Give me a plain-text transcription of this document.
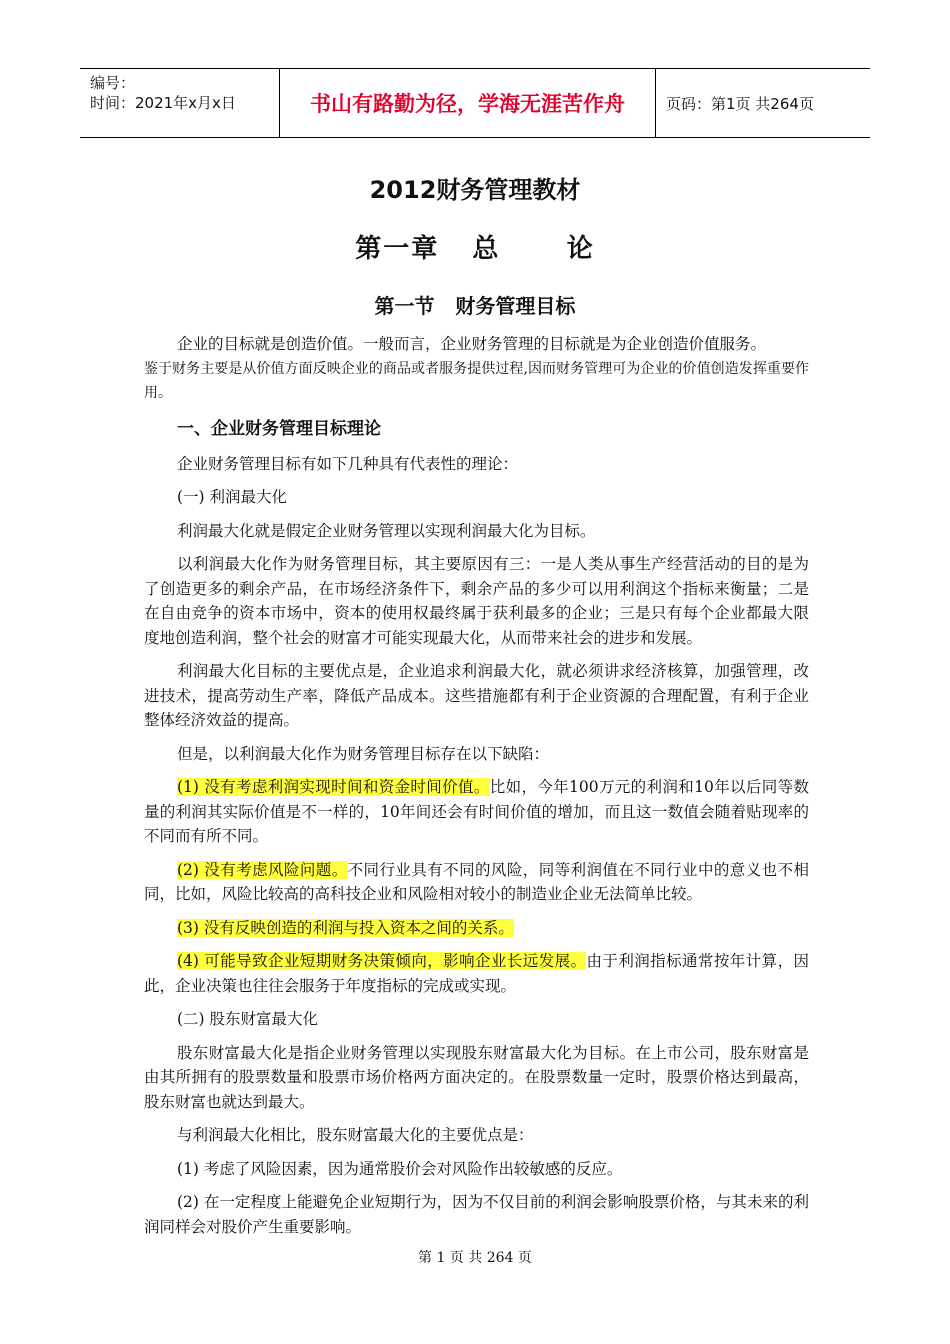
编号：
时间：2021年x月x日	书山有路勤为径，学海无涯苦作舟	页码：第1页 共264页
2012财务管理教材
第一章   总      论
第一节   财务管理目标

企业的目标就是创造价值。一般而言，企业财务管理的目标就是为企业创造价值服务。

鉴于财务主要是从价值方面反映企业的商品或者服务提供过程,因而财务管理可为企业的价值创造发挥重要作用。

一、企业财务管理目标理论

企业财务管理目标有如下几种具有代表性的理论：

(一) 利润最大化

利润最大化就是假定企业财务管理以实现利润最大化为目标。

以利润最大化作为财务管理目标，其主要原因有三：一是人类从事生产经营活动的目的是为了创造更多的剩余产品，在市场经济条件下，剩余产品的多少可以用利润这个指标来衡量；二是在自由竞争的资本市场中，资本的使用权最终属于获利最多的企业；三是只有每个企业都最大限度地创造利润，整个社会的财富才可能实现最大化，从而带来社会的进步和发展。

利润最大化目标的主要优点是，企业追求利润最大化，就必须讲求经济核算，加强管理，改进技术，提高劳动生产率，降低产品成本。这些措施都有利于企业资源的合理配置，有利于企业整体经济效益的提高。

但是，以利润最大化作为财务管理目标存在以下缺陷：

(1) 没有考虑利润实现时间和资金时间价值。比如，今年100万元的利润和10年以后同等数量的利润其实际价值是不一样的，10年间还会有时间价值的增加，而且这一数值会随着贴现率的不同而有所不同。

(2) 没有考虑风险问题。不同行业具有不同的风险，同等利润值在不同行业中的意义也不相同，比如，风险比较高的高科技企业和风险相对较小的制造业企业无法简单比较。

(3) 没有反映创造的利润与投入资本之间的关系。

(4) 可能导致企业短期财务决策倾向，影响企业长远发展。由于利润指标通常按年计算，因此，企业决策也往往会服务于年度指标的完成或实现。

(二) 股东财富最大化

股东财富最大化是指企业财务管理以实现股东财富最大化为目标。在上市公司，股东财富是由其所拥有的股票数量和股票市场价格两方面决定的。在股票数量一定时，股票价格达到最高，股东财富也就达到最大。

与利润最大化相比，股东财富最大化的主要优点是：

(1) 考虑了风险因素，因为通常股价会对风险作出较敏感的反应。

(2) 在一定程度上能避免企业短期行为，因为不仅目前的利润会影响股票价格，与其未来的利润同样会对股价产生重要影响。

第 1 页 共 264 页
